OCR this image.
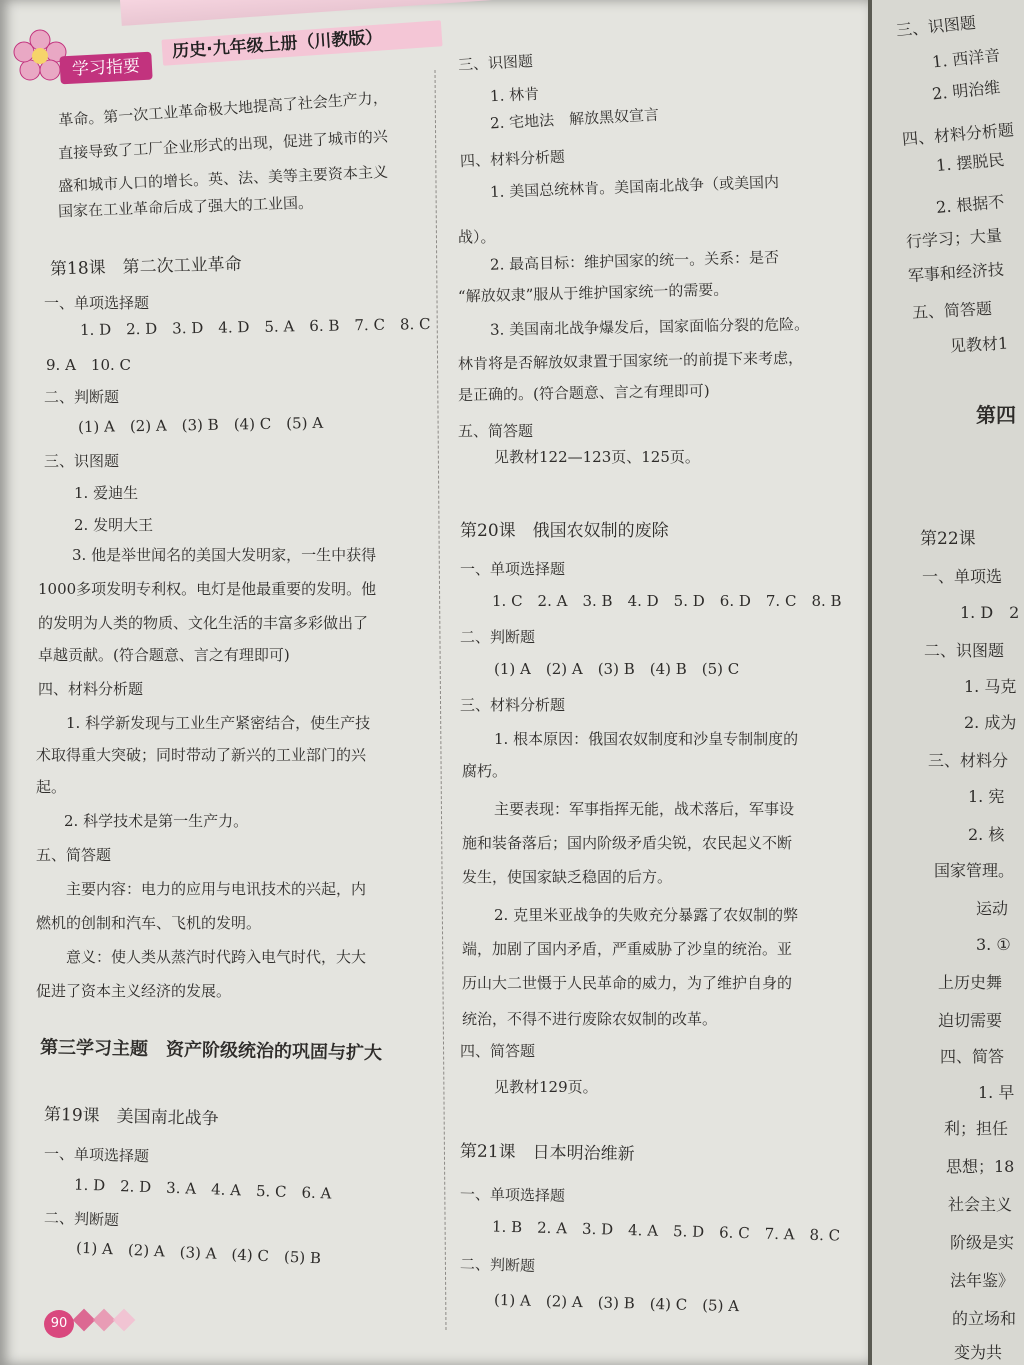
学习指要
历史·九年级上册（川教版）
革命。第一次工业革命极大地提高了社会生产力，
直接导致了工厂企业形式的出现，促进了城市的兴
盛和城市人口的增长。英、法、美等主要资本主义
国家在工业革命后成了强大的工业国。
第18课　第二次工业革命
一、单项选择题
1. D　2. D　3. D　4. D　5. A　6. B　7. C　8. C
9. A　10. C
二、判断题
(1) A　(2) A　(3) B　(4) C　(5) A
三、识图题
1. 爱迪生
2. 发明大王
3. 他是举世闻名的美国大发明家，一生中获得
1000多项发明专利权。电灯是他最重要的发明。他
的发明为人类的物质、文化生活的丰富多彩做出了
卓越贡献。(符合题意、言之有理即可)
四、材料分析题
1. 科学新发现与工业生产紧密结合，使生产技
术取得重大突破；同时带动了新兴的工业部门的兴
起。
2. 科学技术是第一生产力。
五、简答题
主要内容：电力的应用与电讯技术的兴起，内
燃机的创制和汽车、飞机的发明。
意义：使人类从蒸汽时代跨入电气时代，大大
促进了资本主义经济的发展。
第三学习主题　资产阶级统治的巩固与扩大
第19课　美国南北战争
一、单项选择题
1. D　2. D　3. A　4. A　5. C　6. A
二、判断题
(1) A　(2) A　(3) A　(4) C　(5) B
三、识图题
1. 林肯
2. 宅地法　解放黑奴宣言
四、材料分析题
1. 美国总统林肯。美国南北战争（或美国内
战）。
2. 最高目标：维护国家的统一。关系：是否
“解放奴隶”服从于维护国家统一的需要。
3. 美国南北战争爆发后，国家面临分裂的危险。
林肯将是否解放奴隶置于国家统一的前提下来考虑，
是正确的。(符合题意、言之有理即可)
五、简答题
见教材122—123页、125页。
第20课　俄国农奴制的废除
一、单项选择题
1. C　2. A　3. B　4. D　5. D　6. D　7. C　8. B
二、判断题
(1) A　(2) A　(3) B　(4) B　(5) C
三、材料分析题
1. 根本原因：俄国农奴制度和沙皇专制制度的
腐朽。
主要表现：军事指挥无能，战术落后，军事设
施和装备落后；国内阶级矛盾尖锐，农民起义不断
发生，使国家缺乏稳固的后方。
2. 克里米亚战争的失败充分暴露了农奴制的弊
端，加剧了国内矛盾，严重威胁了沙皇的统治。亚
历山大二世慑于人民革命的威力，为了维护自身的
统治，不得不进行废除农奴制的改革。
四、简答题
见教材129页。
第21课　日本明治维新
一、单项选择题
1. B　2. A　3. D　4. A　5. D　6. C　7. A　8. C
二、判断题
(1) A　(2) A　(3) B　(4) C　(5) A
90
三、识图题
1. 西洋音
2. 明治维
四、材料分析题
1. 摆脱民
2. 根据不
行学习；大量
军事和经济技
五、简答题
见教材1
第四
第22课
一、单项选
1. D　2
二、识图题
1. 马克
2. 成为
三、材料分
1. 宪
2. 核
国家管理。
运动
3. ①
上历史舞
迫切需要
四、简答
1. 早
利；担任
思想；18
社会主义
阶级是实
法年鉴》
的立场和
变为共
